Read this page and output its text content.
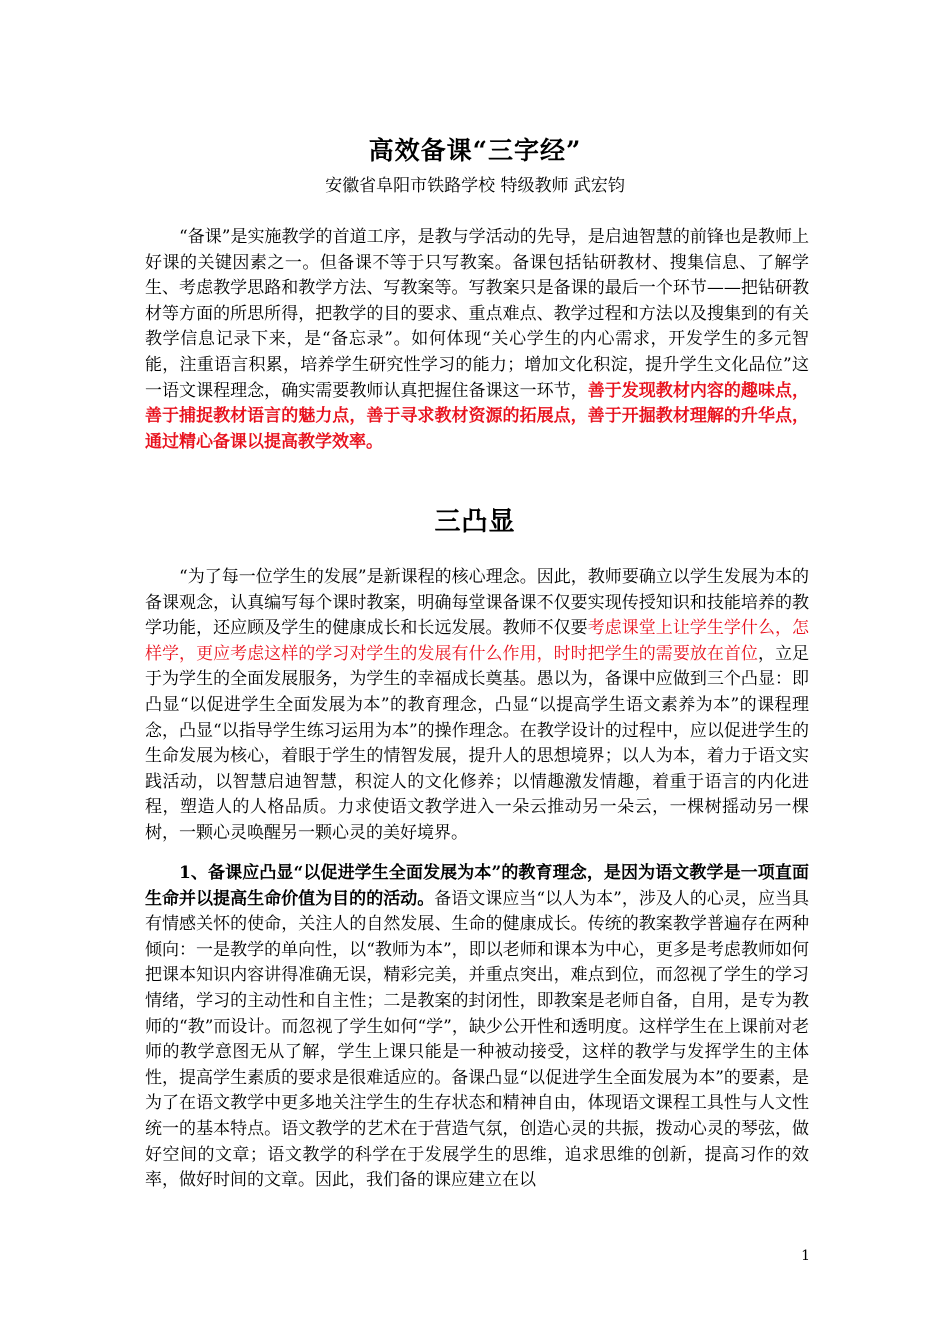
高效备课“三字经”
安徽省阜阳市铁路学校 特级教师 武宏钧

“备课”是实施教学的首道工序，是教与学活动的先导，是启迪智慧的前锋也是教师上好课的关键因素之一。但备课不等于只写教案。备课包括钻研教材、搜集信息、了解学生、考虑教学思路和教学方法、写教案等。写教案只是备课的最后一个环节——把钻研教材等方面的所思所得，把教学的目的要求、重点难点、教学过程和方法以及搜集到的有关教学信息记录下来，是“备忘录”。如何体现“关心学生的内心需求，开发学生的多元智能，注重语言积累，培养学生研究性学习的能力；增加文化积淀，提升学生文化品位”这一语文课程理念，确实需要教师认真把握住备课这一环节，善于发现教材内容的趣味点，善于捕捉教材语言的魅力点，善于寻求教材资源的拓展点，善于开掘教材理解的升华点，通过精心备课以提高教学效率。

三凸显

“为了每一位学生的发展”是新课程的核心理念。因此，教师要确立以学生发展为本的备课观念，认真编写每个课时教案，明确每堂课备课不仅要实现传授知识和技能培养的教学功能，还应顾及学生的健康成长和长远发展。教师不仅要考虑课堂上让学生学什么，怎样学，更应考虑这样的学习对学生的发展有什么作用，时时把学生的需要放在首位，立足于为学生的全面发展服务，为学生的幸福成长奠基。愚以为，备课中应做到三个凸显：即凸显“以促进学生全面发展为本”的教育理念，凸显“以提高学生语文素养为本”的课程理念，凸显“以指导学生练习运用为本”的操作理念。在教学设计的过程中，应以促进学生的生命发展为核心，着眼于学生的情智发展，提升人的思想境界；以人为本，着力于语文实践活动，以智慧启迪智慧，积淀人的文化修养；以情趣激发情趣，着重于语言的内化进程，塑造人的人格品质。力求使语文教学进入一朵云推动另一朵云，一棵树摇动另一棵树，一颗心灵唤醒另一颗心灵的美好境界。

1、备课应凸显“以促进学生全面发展为本”的教育理念，是因为语文教学是一项直面生命并以提高生命价值为目的的活动。备语文课应当“以人为本”，涉及人的心灵，应当具有情感关怀的使命，关注人的自然发展、生命的健康成长。传统的教案教学普遍存在两种倾向：一是教学的单向性，以“教师为本”，即以老师和课本为中心，更多是考虑教师如何把课本知识内容讲得准确无误，精彩完美，并重点突出，难点到位，而忽视了学生的学习情绪，学习的主动性和自主性；二是教案的封闭性，即教案是老师自备，自用，是专为教师的“教”而设计。而忽视了学生如何“学”，缺少公开性和透明度。这样学生在上课前对老师的教学意图无从了解，学生上课只能是一种被动接受，这样的教学与发挥学生的主体性，提高学生素质的要求是很难适应的。备课凸显“以促进学生全面发展为本”的要素，是为了在语文教学中更多地关注学生的生存状态和精神自由，体现语文课程工具性与人文性统一的基本特点。语文教学的艺术在于营造气氛，创造心灵的共振，拨动心灵的琴弦，做好空间的文章；语文教学的科学在于发展学生的思维，追求思维的创新，提高习作的效率，做好时间的文章。因此，我们备的课应建立在以

1
